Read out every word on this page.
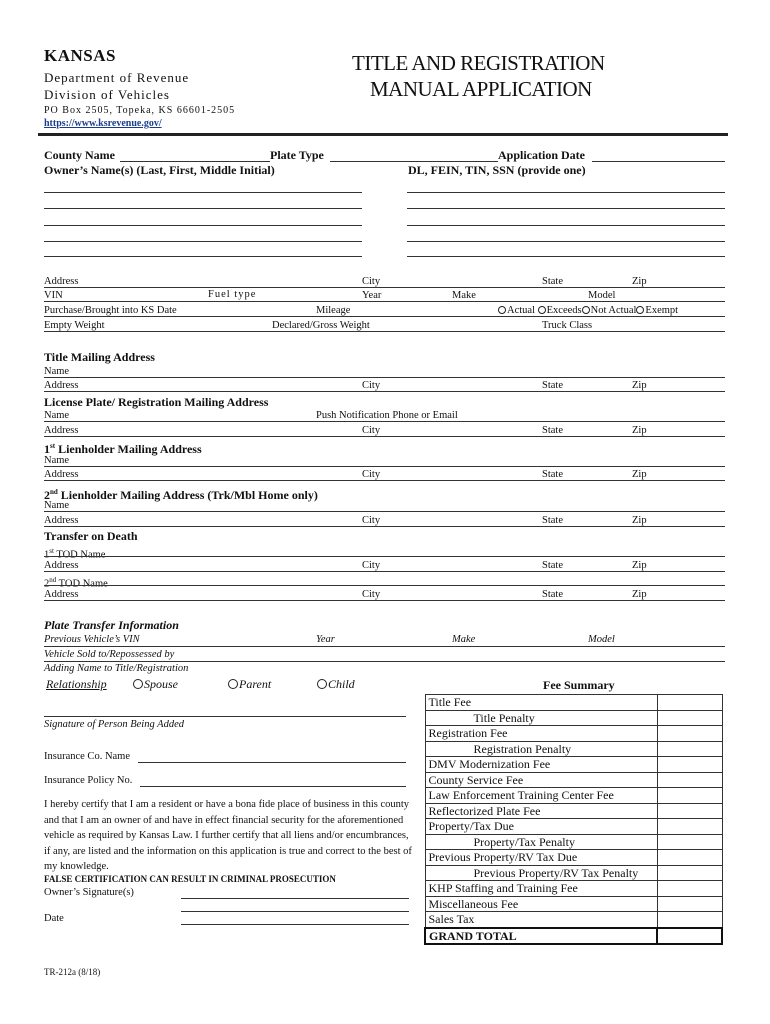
KANSAS
Department of Revenue
Division of Vehicles
PO Box 2505, Topeka, KS 66601-2505
https://www.ksrevenue.gov/
TITLE AND REGISTRATION
MANUAL APPLICATION
County Name	Plate Type	Application Date
Owner’s Name(s) (Last, First, Middle Initial)	DL, FEIN, TIN, SSN (provide one)
Address	City	State	Zip
VIN	Fuel type	Year	Make	Model
Purchase/Brought into KS Date	Mileage	Actual Exceeds Not Actual Exempt
Empty Weight	Declared/Gross Weight	Truck Class
Title Mailing Address
Name
Address	City	State	Zip
License Plate/ Registration Mailing Address
Name	Push Notification Phone or Email
Address	City	State	Zip
1st Lienholder Mailing Address
Name
Address	City	State	Zip
2nd Lienholder Mailing Address (Trk/Mbl Home only)
Name
Address	City	State	Zip
Transfer on Death
1st TOD Name
Address	City	State	Zip
2nd TOD Name
Address	City	State	Zip
Plate Transfer Information
Previous Vehicle’s VIN	Year	Make	Model
Vehicle Sold to/Repossessed by
Adding Name to Title/Registration
Relationship	Spouse	Parent	Child
Signature of Person Being Added
Insurance Co. Name
Insurance Policy No.
I hereby certify that I am a resident or have a bona fide place of business in this county and that I am an owner of and have in effect financial security for the aforementioned vehicle as required by Kansas Law. I further certify that all liens and/or encumbrances, if any, are listed and the information on this application is true and correct to the best of my knowledge.
FALSE CERTIFICATION CAN RESULT IN CRIMINAL PROSECUTION
Owner’s Signature(s)
Date
TR-212a (8/18)
Fee Summary
Title Fee	
Title Penalty	
Registration Fee	
Registration Penalty	
DMV Modernization Fee	
County Service Fee	
Law Enforcement Training Center Fee	
Reflectorized Plate Fee	
Property/Tax Due	
Property/Tax Penalty	
Previous Property/RV Tax Due	
Previous Property/RV Tax Penalty	
KHP Staffing and Training Fee	
Miscellaneous Fee	
Sales Tax	
GRAND TOTAL	
